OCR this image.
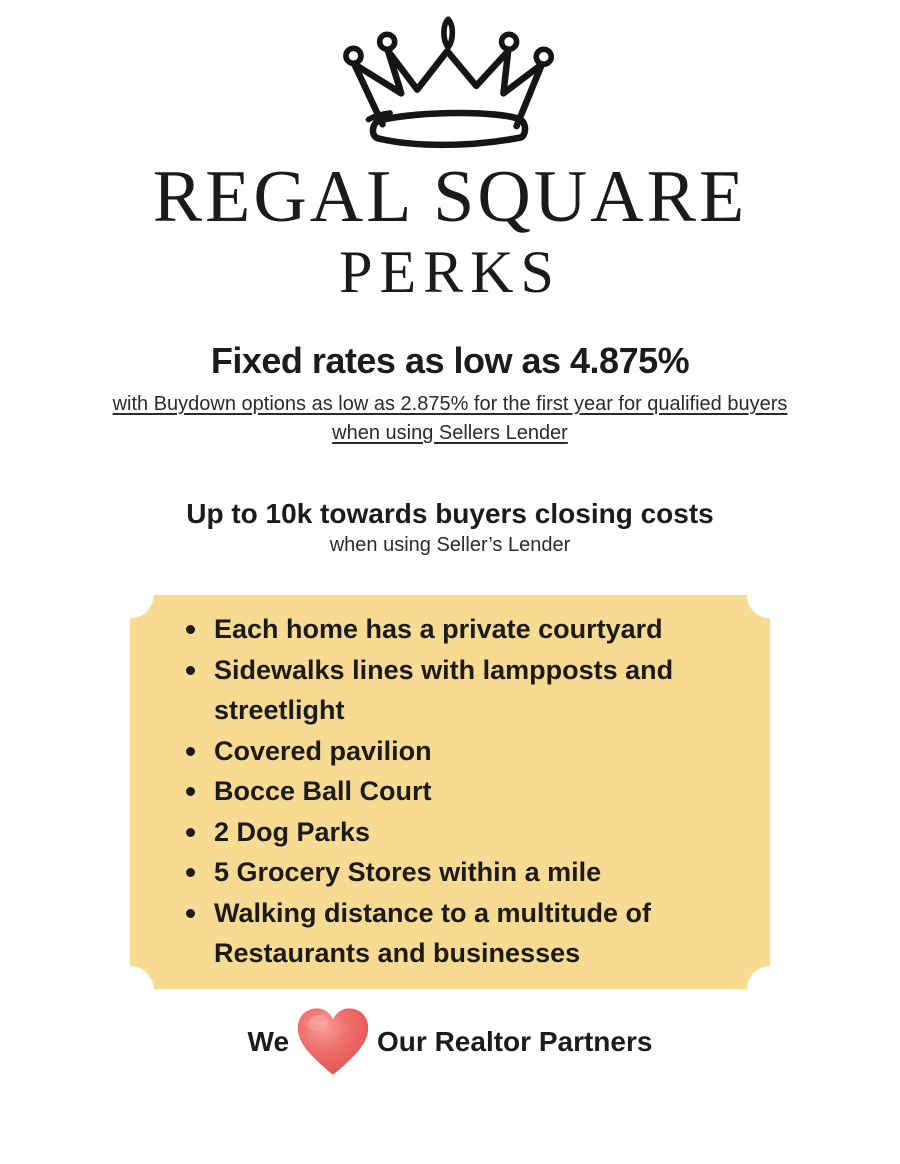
REGAL SQUARE
PERKS
Fixed rates as low as 4.875%
with Buydown options as low as 2.875% for the first year for qualified buyers
when using Sellers Lender
Up to 10k towards buyers closing costs
when using Seller’s Lender
Each home has a private courtyard
Sidewalks lines with lampposts and streetlight
Covered pavilion
Bocce Ball Court
2 Dog Parks
5 Grocery Stores within a mile
Walking distance to a multitude of Restaurants and businesses
We	Our Realtor Partners
